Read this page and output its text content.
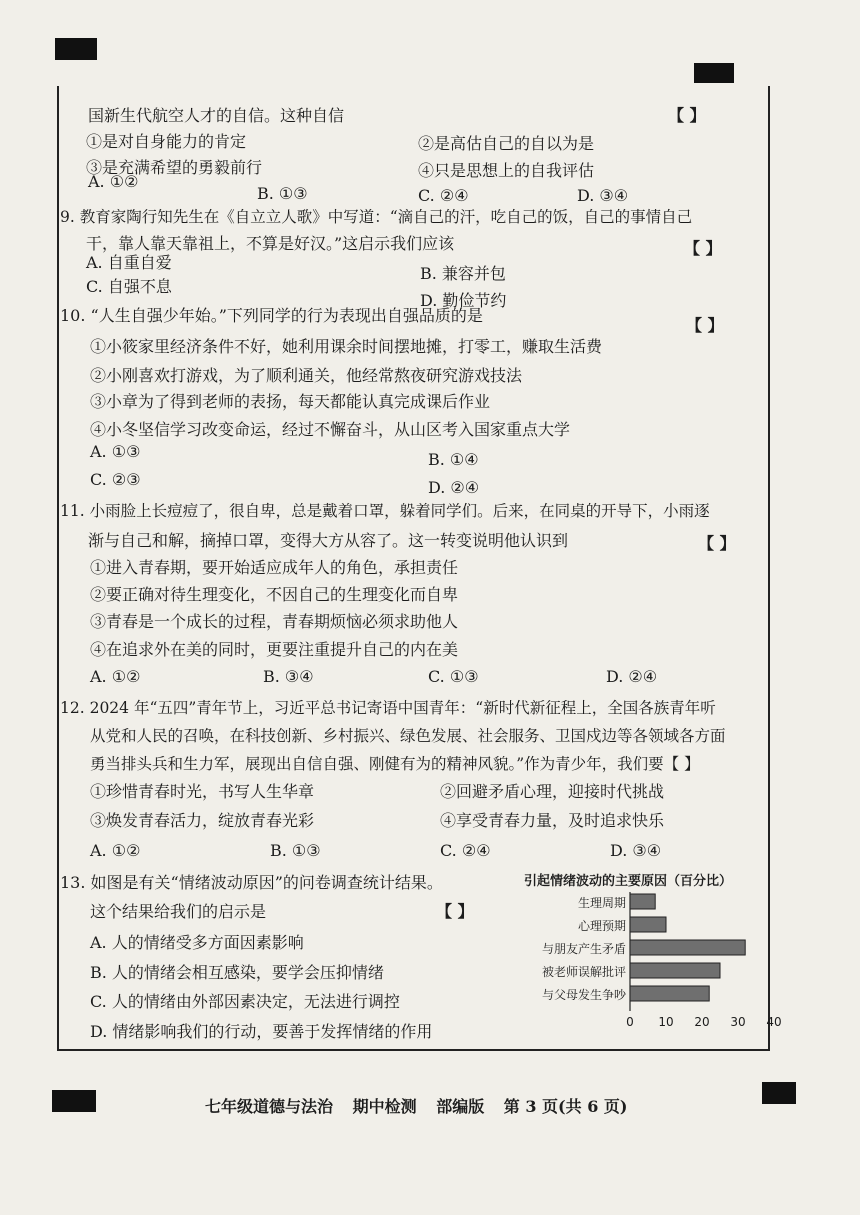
国新生代航空人才的自信。这种自信	【 】
①是对自身能力的肯定	②是高估自己的自以为是
③是充满希望的勇毅前行	④只是思想上的自我评估
A. ①②
B. ①③	C. ②④	D. ③④
9. 教育家陶行知先生在《自立立人歌》中写道：“滴自己的汗，吃自己的饭，自己的事情自己
干，靠人靠天靠祖上，不算是好汉。”这启示我们应该	【 】
A. 自重自爱
B. 兼容并包
C. 自强不息
D. 勤俭节约
10. “人生自强少年始。”下列同学的行为表现出自强品质的是
【 】
①小筱家里经济条件不好，她利用课余时间摆地摊，打零工，赚取生活费
②小刚喜欢打游戏，为了顺利通关，他经常熬夜研究游戏技法
③小章为了得到老师的表扬，每天都能认真完成课后作业
④小冬坚信学习改变命运，经过不懈奋斗，从山区考入国家重点大学
A. ①③	B. ①④
C. ②③	D. ②④
11. 小雨脸上长痘痘了，很自卑，总是戴着口罩，躲着同学们。后来，在同桌的开导下，小雨逐
渐与自己和解，摘掉口罩，变得大方从容了。这一转变说明他认识到	【 】
①进入青春期，要开始适应成年人的角色，承担责任
②要正确对待生理变化，不因自己的生理变化而自卑
③青春是一个成长的过程，青春期烦恼必须求助他人
④在追求外在美的同时，更要注重提升自己的内在美
A. ①②	B. ③④	C. ①③	D. ②④
12. 2024 年“五四”青年节上，习近平总书记寄语中国青年：“新时代新征程上，全国各族青年听
从党和人民的召唤，在科技创新、乡村振兴、绿色发展、社会服务、卫国戍边等各领域各方面
勇当排头兵和生力军，展现出自信自强、刚健有为的精神风貌。”作为青少年，我们要【 】
①珍惜青春时光，书写人生华章	②回避矛盾心理，迎接时代挑战
③焕发青春活力，绽放青春光彩	④享受青春力量，及时追求快乐
A. ①②	B. ①③	C. ②④	D. ③④
13. 如图是有关“情绪波动原因”的问卷调查统计结果。
这个结果给我们的启示是	【 】
A. 人的情绪受多方面因素影响
B. 人的情绪会相互感染，要学会压抑情绪
C. 人的情绪由外部因素决定，无法进行调控
D. 情绪影响我们的行动，要善于发挥情绪的作用
引起情绪波动的主要原因（百分比）
生理周期
心理预期
与朋友产生矛盾
被老师误解批评
与父母发生争吵
0 10 20 30 40
七年级道德与法治 期中检测 部编版 第 3 页(共 6 页)
